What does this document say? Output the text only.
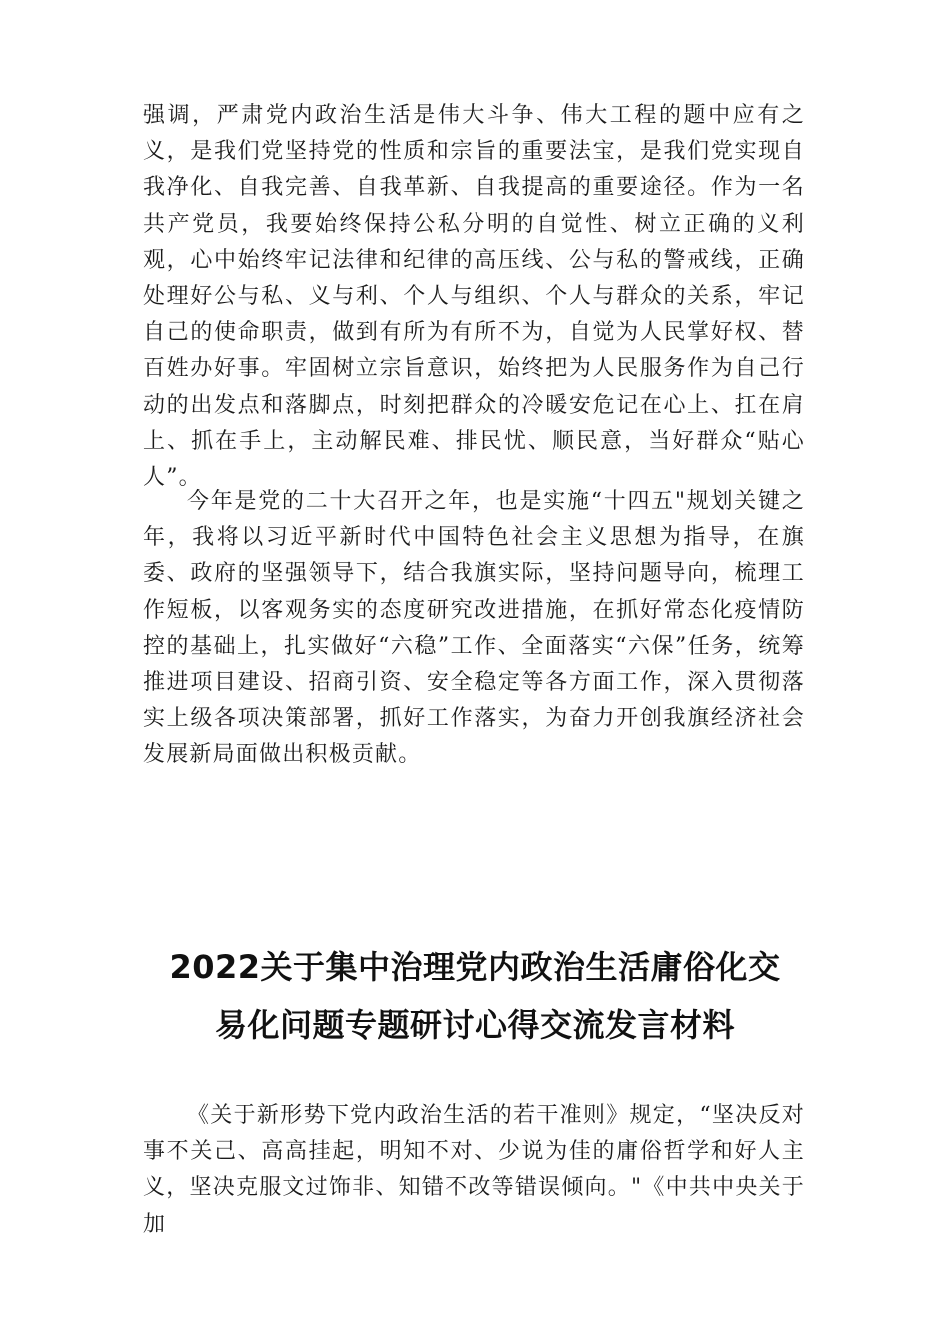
强调，严肃党内政治生活是伟大斗争、伟大工程的题中应有之义，是我们党坚持党的性质和宗旨的重要法宝，是我们党实现自我净化、自我完善、自我革新、自我提高的重要途径。作为一名共产党员，我要始终保持公私分明的自觉性、树立正确的义利观，心中始终牢记法律和纪律的高压线、公与私的警戒线，正确处理好公与私、义与利、个人与组织、个人与群众的关系，牢记自己的使命职责，做到有所为有所不为，自觉为人民掌好权、替百姓办好事。牢固树立宗旨意识，始终把为人民服务作为自己行动的出发点和落脚点，时刻把群众的冷暖安危记在心上、扛在肩上、抓在手上，主动解民难、排民忧、顺民意，当好群众“贴心人”。

今年是党的二十大召开之年，也是实施“十四五"规划关键之年，我将以习近平新时代中国特色社会主义思想为指导，在旗委、政府的坚强领导下，结合我旗实际，坚持问题导向，梳理工作短板，以客观务实的态度研究改进措施，在抓好常态化疫情防控的基础上，扎实做好“六稳”工作、全面落实“六保”任务，统筹推进项目建设、招商引资、安全稳定等各方面工作，深入贯彻落实上级各项决策部署，抓好工作落实，为奋力开创我旗经济社会发展新局面做出积极贡献。

2022关于集中治理党内政治生活庸俗化交
易化问题专题研讨心得交流发言材料

《关于新形势下党内政治生活的若干准则》规定，“坚决反对事不关己、高高挂起，明知不对、少说为佳的庸俗哲学和好人主义，坚决克服文过饰非、知错不改等错误倾向。"《中共中央关于加
